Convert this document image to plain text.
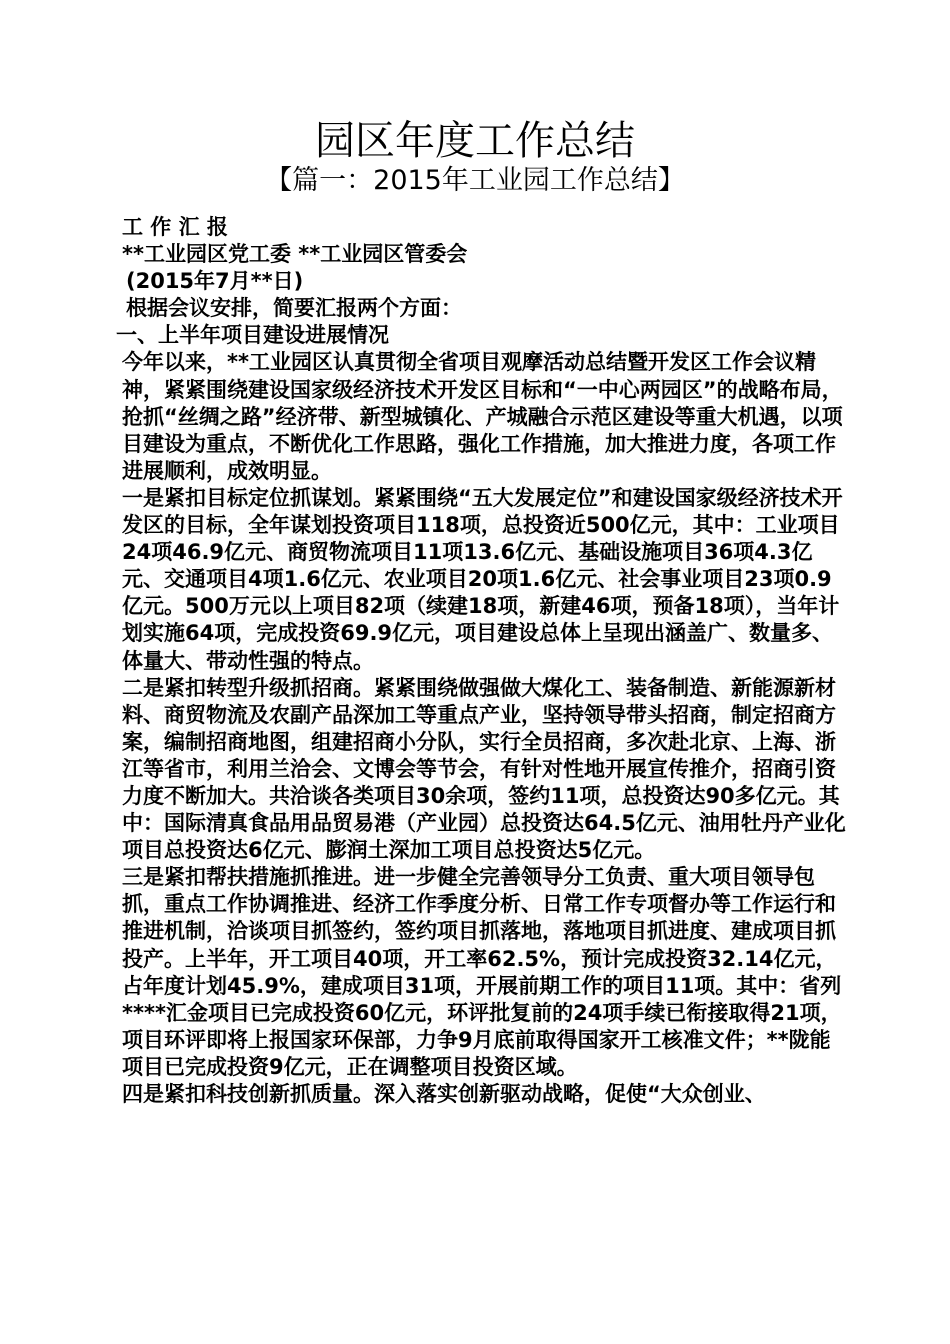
园区年度工作总结
【篇一：2015年工业园工作总结】

工 作 汇 报

**工业园区党工委 **工业园区管委会

(2015年7月**日)

根据会议安排，简要汇报两个方面：

一、上半年项目建设进展情况

今年以来，**工业园区认真贯彻全省项目观摩活动总结暨开发区工作会议精神，紧紧围绕建设国家级经济技术开发区目标和“一中心两园区”的战略布局，抢抓“丝绸之路”经济带、新型城镇化、产城融合示范区建设等重大机遇，以项目建设为重点，不断优化工作思路，强化工作措施，加大推进力度，各项工作进展顺利，成效明显。

一是紧扣目标定位抓谋划。紧紧围绕“五大发展定位”和建设国家级经济技术开发区的目标，全年谋划投资项目118项，总投资近500亿元，其中：工业项目24项46.9亿元、商贸物流项目11项13.6亿元、基础设施项目36项4.3亿元、交通项目4项1.6亿元、农业项目20项1.6亿元、社会事业项目23项0.9亿元。500万元以上项目82项（续建18项，新建46项，预备18项），当年计划实施64项，完成投资69.9亿元，项目建设总体上呈现出涵盖广、数量多、体量大、带动性强的特点。

二是紧扣转型升级抓招商。紧紧围绕做强做大煤化工、装备制造、新能源新材料、商贸物流及农副产品深加工等重点产业，坚持领导带头招商，制定招商方案，编制招商地图，组建招商小分队，实行全员招商，多次赴北京、上海、浙江等省市，利用兰洽会、文博会等节会，有针对性地开展宣传推介，招商引资力度不断加大。共洽谈各类项目30余项，签约11项，总投资达90多亿元。其中：国际清真食品用品贸易港（产业园）总投资达64.5亿元、油用牡丹产业化项目总投资达6亿元、膨润土深加工项目总投资达5亿元。

三是紧扣帮扶措施抓推进。进一步健全完善领导分工负责、重大项目领导包抓，重点工作协调推进、经济工作季度分析、日常工作专项督办等工作运行和推进机制，洽谈项目抓签约，签约项目抓落地，落地项目抓进度、建成项目抓投产。上半年，开工项目40项，开工率62.5%，预计完成投资32.14亿元，占年度计划45.9%，建成项目31项，开展前期工作的项目11项。其中：省列****汇金项目已完成投资60亿元，环评批复前的24项手续已衔接取得21项，项目环评即将上报国家环保部，力争9月底前取得国家开工核准文件；**陇能项目已完成投资9亿元，正在调整项目投资区域。

四是紧扣科技创新抓质量。深入落实创新驱动战略，促使“大众创业、
